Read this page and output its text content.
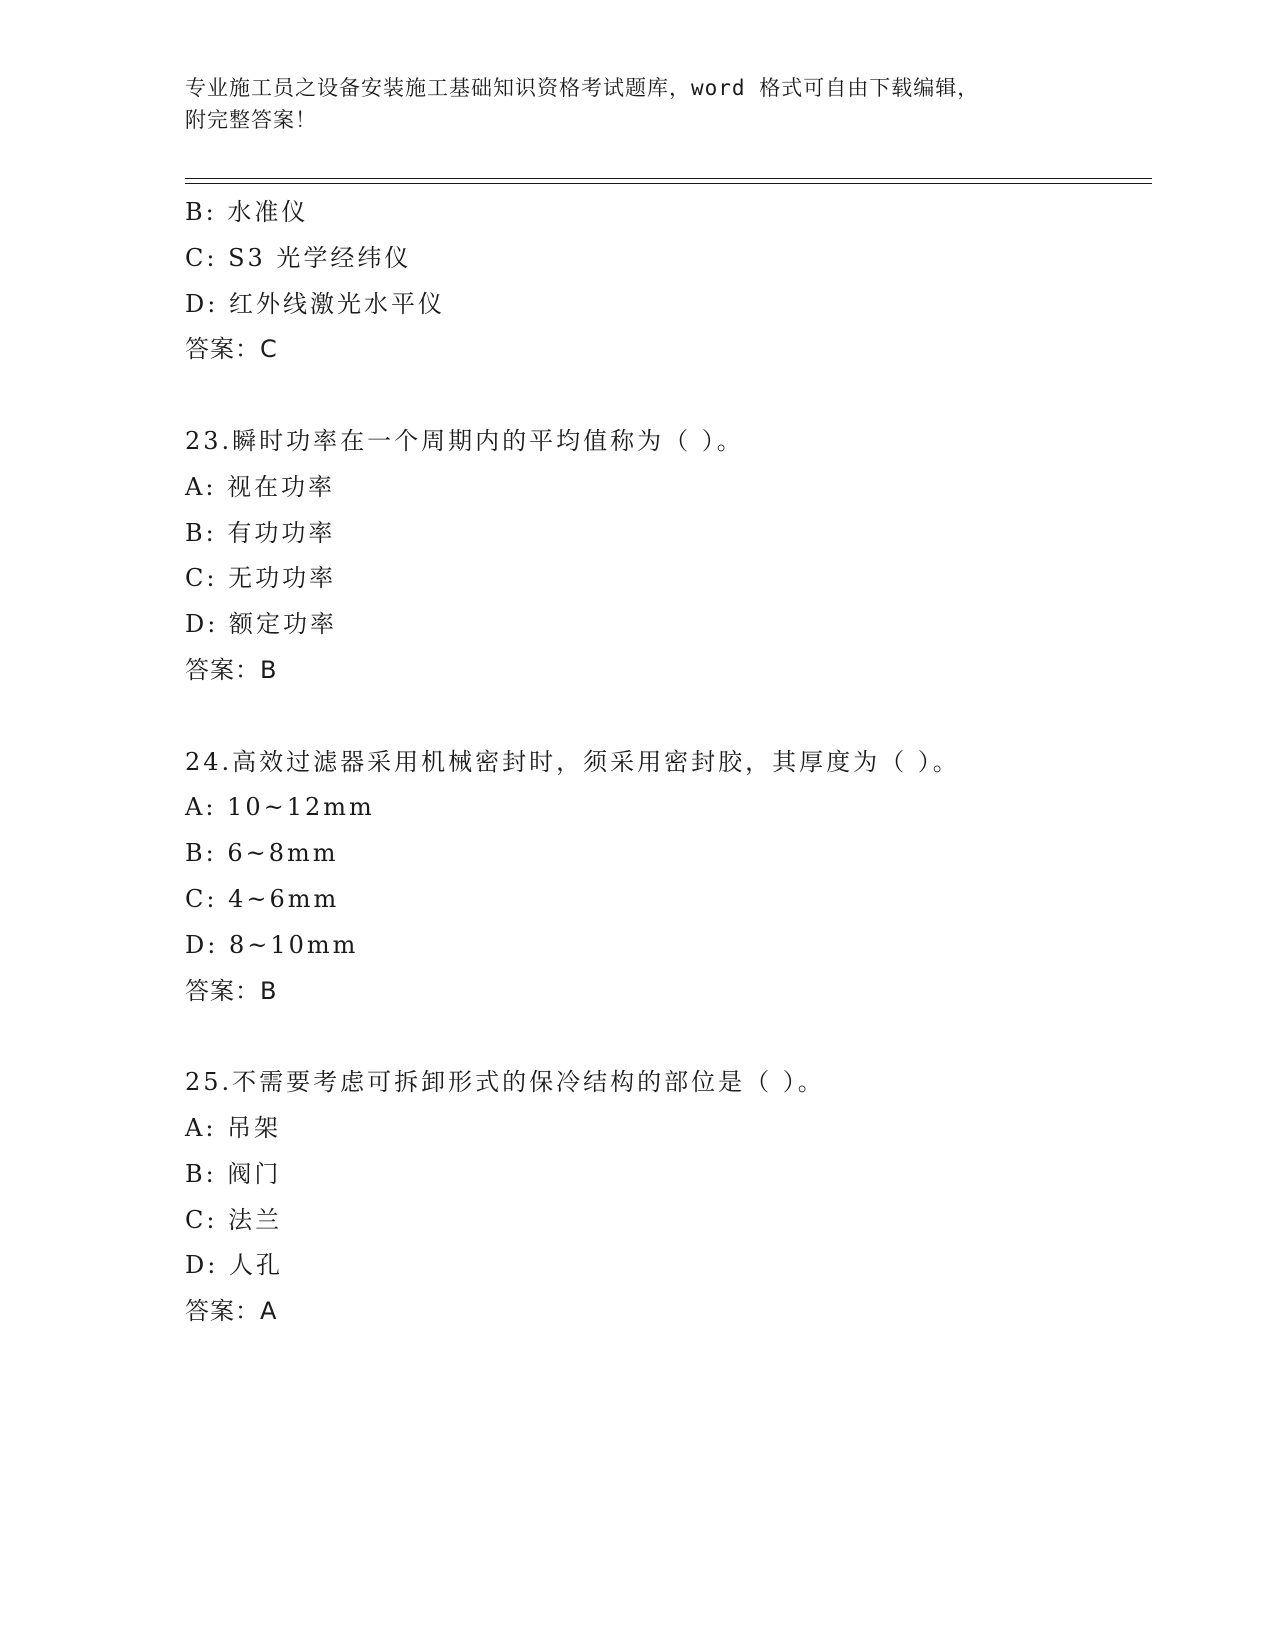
专业施工员之设备安装施工基础知识资格考试题库，word 格式可自由下载编辑，
附完整答案！
B: 水准仪
C: S3 光学经纬仪
D: 红外线激光水平仪
答案：C
23.瞬时功率在一个周期内的平均值称为（ ）。
A: 视在功率
B: 有功功率
C: 无功功率
D: 额定功率
答案：B
24.高效过滤器采用机械密封时，须采用密封胶，其厚度为（ ）。
A: 10~12mm
B: 6~8mm
C: 4~6mm
D: 8~10mm
答案：B
25.不需要考虑可拆卸形式的保冷结构的部位是（ ）。
A: 吊架
B: 阀门
C: 法兰
D: 人孔
答案：A
